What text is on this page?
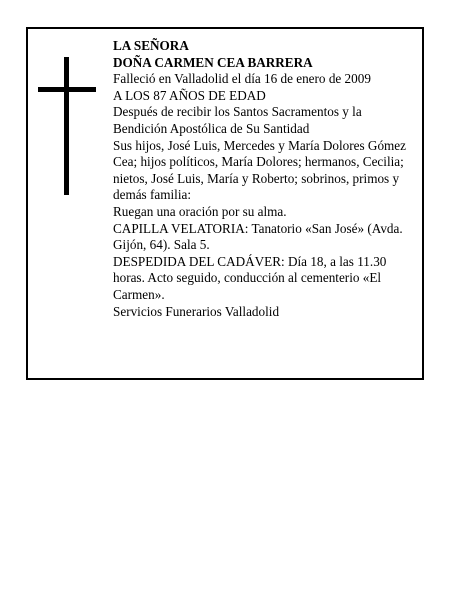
LA SEÑORA

DOÑA CARMEN CEA BARRERA

Falleció en Valladolid el día 16 de enero de 2009

A LOS 87 AÑOS DE EDAD

Después de recibir los Santos Sacramentos y la Bendición Apostólica de Su Santidad

Sus hijos, José Luis, Mercedes y María Dolores Gómez Cea; hijos políticos, María Dolores; hermanos, Cecilia; nietos, José Luis, María y Roberto; sobrinos, primos y demás familia:

Ruegan una oración por su alma.

CAPILLA VELATORIA: Tanatorio «San José» (Avda. Gijón, 64). Sala 5.

DESPEDIDA DEL CADÁVER: Día 18, a las 11.30 horas. Acto seguido, conducción al cementerio «El Carmen».

Servicios Funerarios Valladolid
